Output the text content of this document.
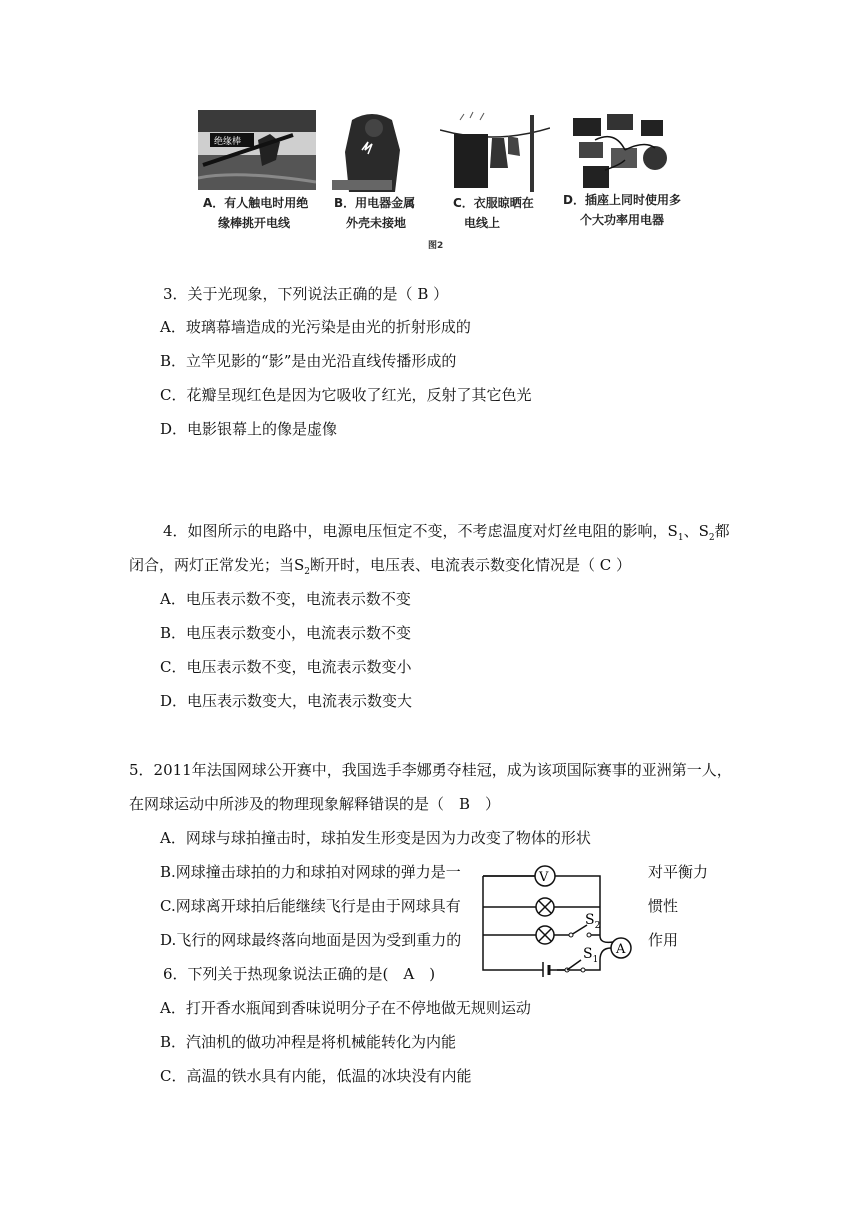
绝缘棒
A．有人触电时用绝
缘棒挑开电线
B．用电器金属
外壳未接地
C．衣服晾晒在
电线上
D．插座上同时使用多
个大功率用电器
图2
3．关于光现象，下列说法正确的是（ B ）
A．玻璃幕墙造成的光污染是由光的折射形成的
B．立竿见影的“影”是由光沿直线传播形成的
C．花瓣呈现红色是因为它吸收了红光，反射了其它色光
D．电影银幕上的像是虚像
4．如图所示的电路中，电源电压恒定不变，不考虑温度对灯丝电阻的影响，$S_1$、$S_2$都
闭合，两灯正常发光；当$S_2$断开时，电压表、电流表示数变化情况是（ C ）
A．电压表示数不变，电流表示数不变
B．电压表示数变小，电流表示数不变
C．电压表示数不变，电流表示数变小
D．电压表示数变大，电流表示数变大
5．2011年法国网球公开赛中，我国选手李娜勇夺桂冠，成为该项国际赛事的亚洲第一人，
在网球运动中所涉及的物理现象解释错误的是（　B　）
A．网球与球拍撞击时，球拍发生形变是因为力改变了物体的形状
B.网球撞击球拍的力和球拍对网球的弹力是一	对平衡力
C.网球离开球拍后能继续飞行是由于网球具有	惯性
D.飞行的网球最终落向地面是因为受到重力的	作用
V
$S_2$
A
$S_1$
6．下列关于热现象说法正确的是(　A　)
A．打开香水瓶闻到香味说明分子在不停地做无规则运动
B．汽油机的做功冲程是将机械能转化为内能
C．高温的铁水具有内能，低温的冰块没有内能
